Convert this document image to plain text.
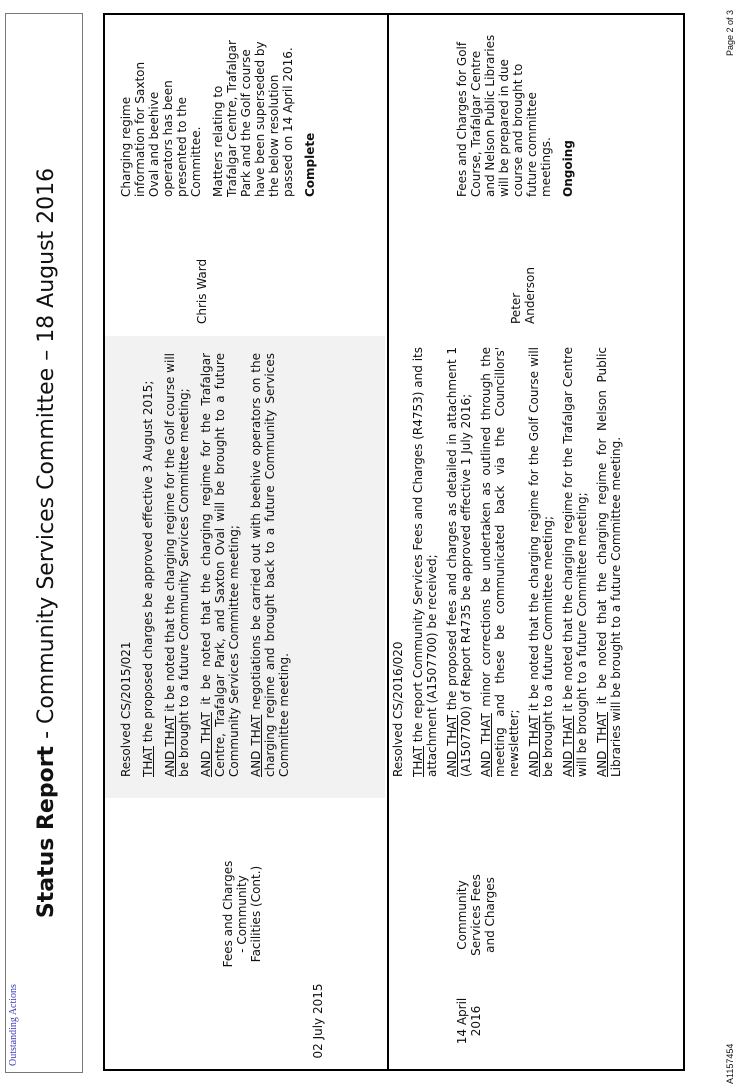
Outstanding Actions
Status Report - Community Services Committee – 18 August 2016
02 July 2015
Fees and Charges - Community Facilities (Cont.)

Resolved CS/2015/021 THAT the proposed charges be approved effective 3 August 2015;

AND THAT it be noted that the charging regime for the Golf course will be brought to a future Community Services Committee meeting; AND THAT it be noted that the charging regime for the Trafalgar Centre, Trafalgar Park, and Saxton Oval will be brought to a future Community Services Committee meeting; AND THAT negotiations be carried out with beehive operators on the charging regime and brought back to a future Community Services Committee meeting.

Chris Ward

Charging regime information for Saxton Oval and beehive operators has been presented to the Committee. Matters relating to Trafalgar Centre, Trafalgar Park and the Golf course have been superseded by the below resolution passed on 14 April 2016. Complete

14 April 2016
Community Services Fees and Charges

Resolved CS/2016/020 THAT the report Community Services Fees and Charges (R4753) and its attachment (A1507700) be received; AND THAT the proposed fees and charges as detailed in attachment 1 (A1507700) of Report R4735 be approved effective 1 July 2016; AND THAT minor corrections be undertaken as outlined through the meeting and these be communicated back via the Councillors' newsletter; AND THAT it be noted that the charging regime for the Golf Course will be brought to a future Committee meeting; AND THAT it be noted that the charging regime for the Trafalgar Centre will be brought to a future Committee meeting; AND THAT it be noted that the charging regime for Nelson Public Libraries will be brought to a future Committee meeting.

Peter Anderson

Fees and Charges for Golf Course, Trafalgar Centre and Nelson Public Libraries will be prepared in due course and brought to future committee meetings. Ongoing

A1157454
Page 2 of 3
